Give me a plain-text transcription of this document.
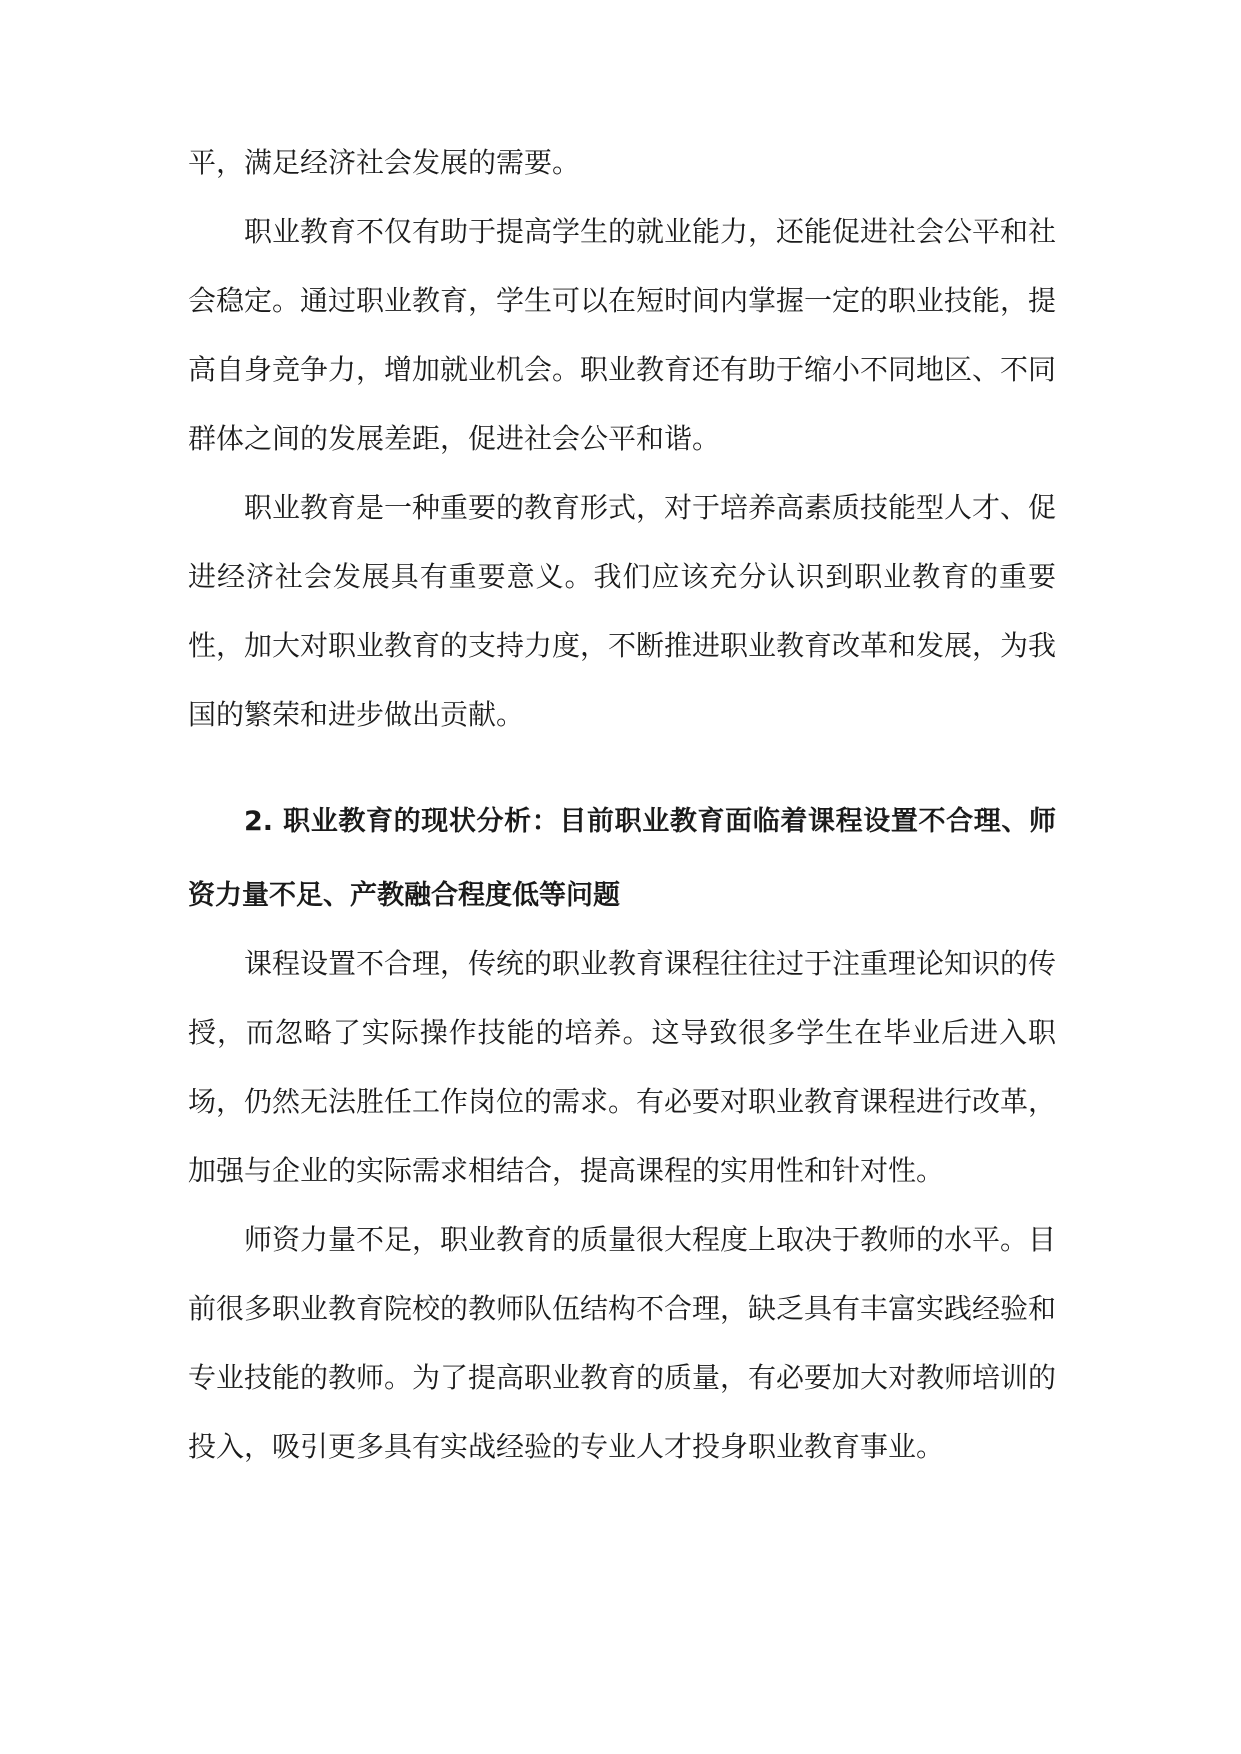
平，满足经济社会发展的需要。

职业教育不仅有助于提高学生的就业能力，还能促进社会公平和社会稳定。通过职业教育，学生可以在短时间内掌握一定的职业技能，提高自身竞争力，增加就业机会。职业教育还有助于缩小不同地区、不同群体之间的发展差距，促进社会公平和谐。

职业教育是一种重要的教育形式，对于培养高素质技能型人才、促进经济社会发展具有重要意义。我们应该充分认识到职业教育的重要性，加大对职业教育的支持力度，不断推进职业教育改革和发展，为我国的繁荣和进步做出贡献。

2. 职业教育的现状分析：目前职业教育面临着课程设置不合理、师资力量不足、产教融合程度低等问题

课程设置不合理，传统的职业教育课程往往过于注重理论知识的传授，而忽略了实际操作技能的培养。这导致很多学生在毕业后进入职场，仍然无法胜任工作岗位的需求。有必要对职业教育课程进行改革，加强与企业的实际需求相结合，提高课程的实用性和针对性。

师资力量不足，职业教育的质量很大程度上取决于教师的水平。目前很多职业教育院校的教师队伍结构不合理，缺乏具有丰富实践经验和专业技能的教师。为了提高职业教育的质量，有必要加大对教师培训的投入，吸引更多具有实战经验的专业人才投身职业教育事业。
